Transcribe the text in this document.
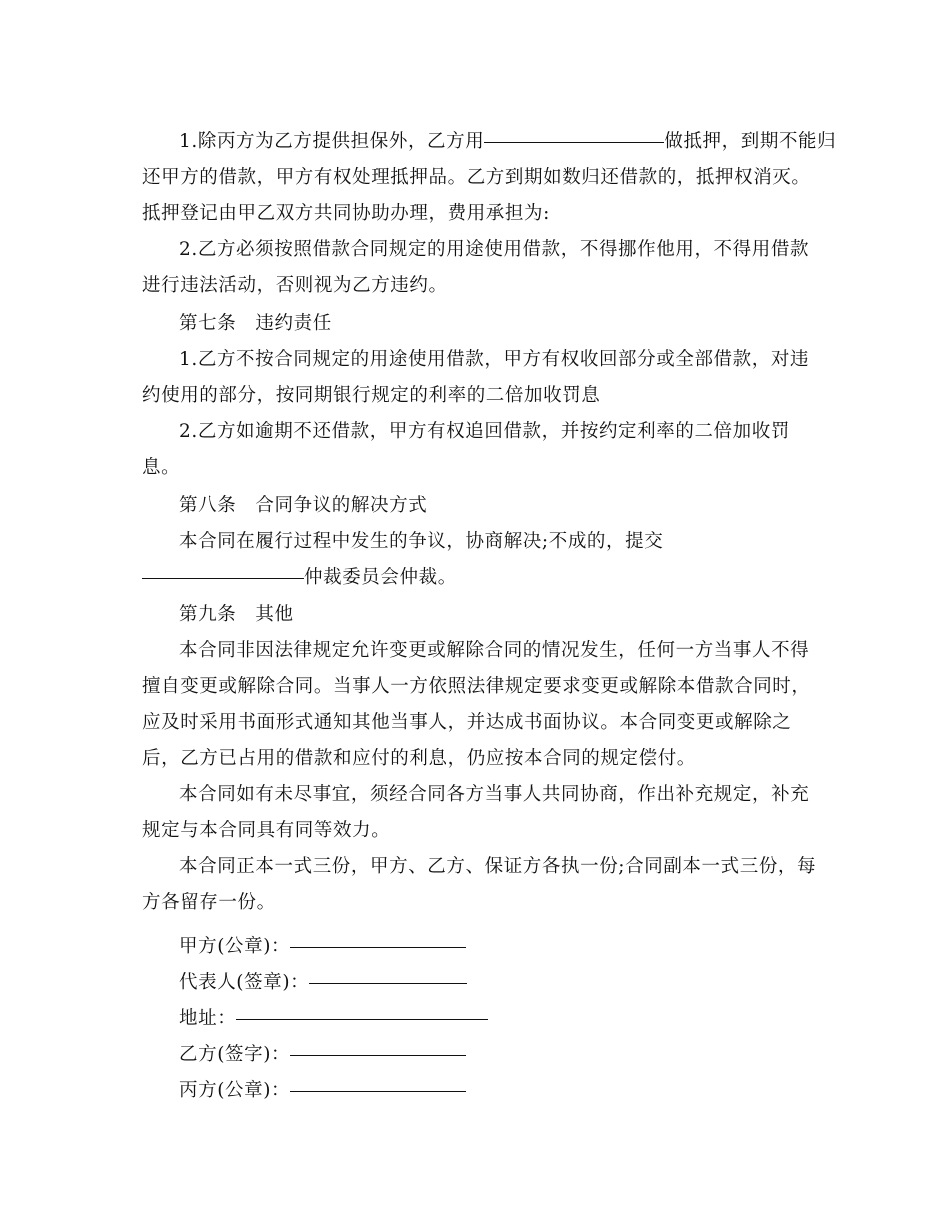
1.除丙方为乙方提供担保外，乙方用	做抵押，到期不能归
还甲方的借款，甲方有权处理抵押品。乙方到期如数归还借款的，抵押权消灭。
抵押登记由甲乙双方共同协助办理，费用承担为:
2.乙方必须按照借款合同规定的用途使用借款，不得挪作他用，不得用借款
进行违法活动，否则视为乙方违约。
第七条　违约责任
1.乙方不按合同规定的用途使用借款，甲方有权收回部分或全部借款，对违
约使用的部分，按同期银行规定的利率的二倍加收罚息
2.乙方如逾期不还借款，甲方有权追回借款，并按约定利率的二倍加收罚
息。
第八条　合同争议的解决方式
本合同在履行过程中发生的争议，协商解决;不成的，提交
仲裁委员会仲裁。
第九条　其他
本合同非因法律规定允许变更或解除合同的情况发生，任何一方当事人不得
擅自变更或解除合同。当事人一方依照法律规定要求变更或解除本借款合同时，
应及时采用书面形式通知其他当事人，并达成书面协议。本合同变更或解除之
后，乙方已占用的借款和应付的利息，仍应按本合同的规定偿付。
本合同如有未尽事宜，须经合同各方当事人共同协商，作出补充规定，补充
规定与本合同具有同等效力。
本合同正本一式三份，甲方、乙方、保证方各执一份;合同副本一式三份，每
方各留存一份。
甲方(公章)：
代表人(签章)：
地址：
乙方(签字)：
丙方(公章)：
